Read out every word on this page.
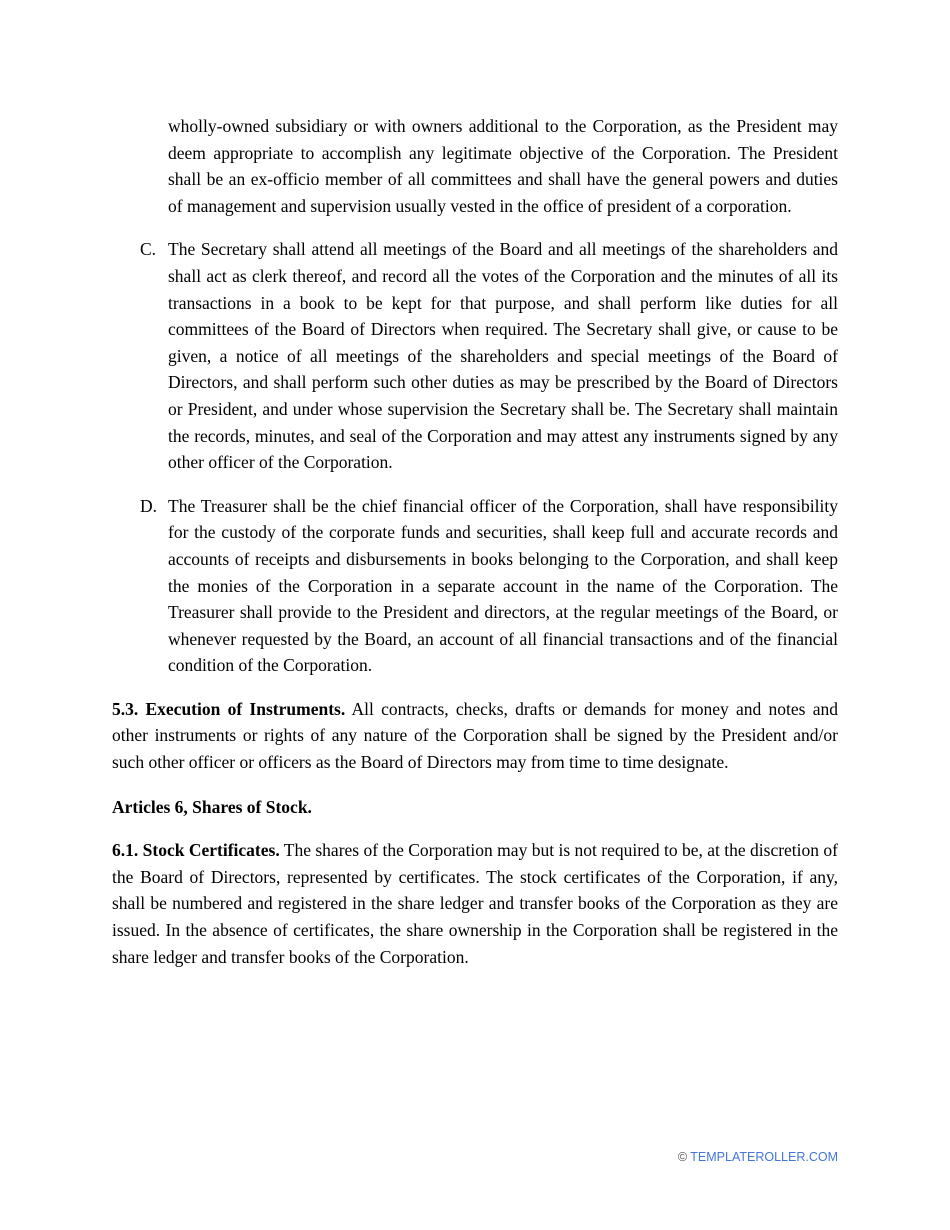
wholly-owned subsidiary or with owners additional to the Corporation, as the President may deem appropriate to accomplish any legitimate objective of the Corporation. The President shall be an ex-officio member of all committees and shall have the general powers and duties of management and supervision usually vested in the office of president of a corporation.
C. The Secretary shall attend all meetings of the Board and all meetings of the shareholders and shall act as clerk thereof, and record all the votes of the Corporation and the minutes of all its transactions in a book to be kept for that purpose, and shall perform like duties for all committees of the Board of Directors when required. The Secretary shall give, or cause to be given, a notice of all meetings of the shareholders and special meetings of the Board of Directors, and shall perform such other duties as may be prescribed by the Board of Directors or President, and under whose supervision the Secretary shall be. The Secretary shall maintain the records, minutes, and seal of the Corporation and may attest any instruments signed by any other officer of the Corporation.
D. The Treasurer shall be the chief financial officer of the Corporation, shall have responsibility for the custody of the corporate funds and securities, shall keep full and accurate records and accounts of receipts and disbursements in books belonging to the Corporation, and shall keep the monies of the Corporation in a separate account in the name of the Corporation. The Treasurer shall provide to the President and directors, at the regular meetings of the Board, or whenever requested by the Board, an account of all financial transactions and of the financial condition of the Corporation.
5.3. Execution of Instruments. All contracts, checks, drafts or demands for money and notes and other instruments or rights of any nature of the Corporation shall be signed by the President and/or such other officer or officers as the Board of Directors may from time to time designate.
Articles 6, Shares of Stock.
6.1. Stock Certificates. The shares of the Corporation may but is not required to be, at the discretion of the Board of Directors, represented by certificates. The stock certificates of the Corporation, if any, shall be numbered and registered in the share ledger and transfer books of the Corporation as they are issued. In the absence of certificates, the share ownership in the Corporation shall be registered in the share ledger and transfer books of the Corporation.
© TEMPLATEROLLER.COM
